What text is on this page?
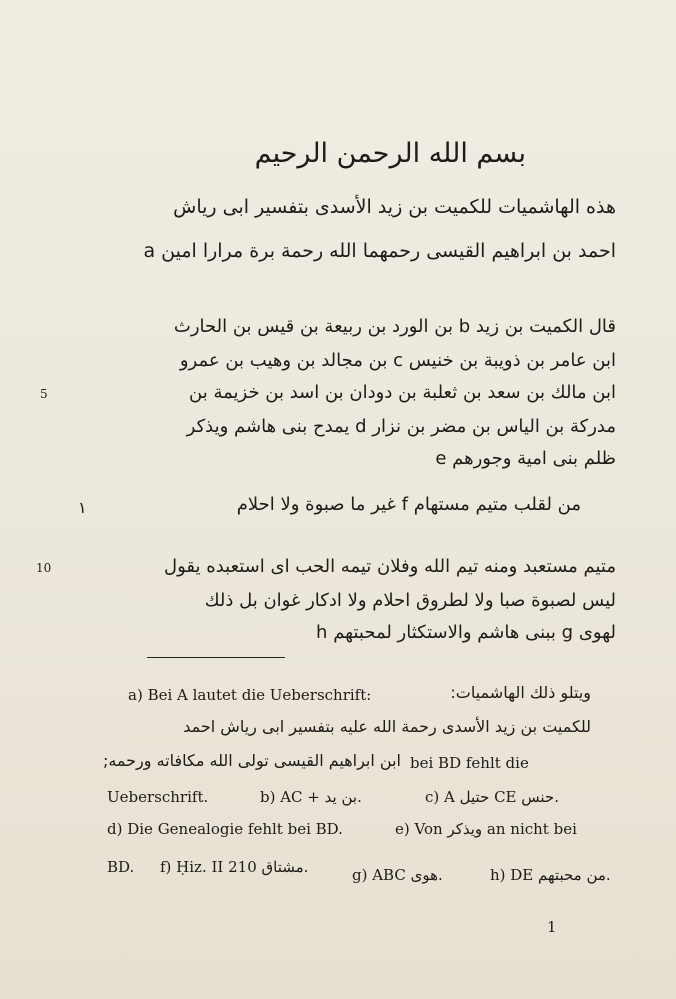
بسم الله الرحمن الرحيم
هذه الهاشميات للكميت بن زيد الأسدى بتفسير ابى رياش
احمد بن ابراهيم القيسى رحمهما الله رحمة برة مرارا امين a
قال الكميت بن زيد b بن الورد بن ربيعة بن قيس بن الحارث
ابن عامر بن ذويبة بن خنيس c بن مجالد بن وهيب بن عمرو
ابن مالك بن سعد بن ثعلبة بن دودان بن اسد بن خزيمة بن
5
مدركة بن الياس بن مضر بن نزار d يمدح بنى هاشم ويذكر
ظلم بنى امية وجورهم e
١	من لقلب متيم مستهام f غير ما صبوة ولا احلام
متيم مستعبد ومنه تيم الله وفلان تيمه الحب اى استعبده يقول
10
ليس لصبوة صبا ولا لطروق احلام ولا ادكار غوان بل ذلك
لهوى g ببنى هاشم والاستكثار لمحبتهم h
a) Bei A lautet die Ueberschrift:	ويتلو ذلك الهاشميات:
للكميت بن زيد الأسدى رحمة الله عليه بتفسير ابى رياش احمد
ابن ابراهيم القيسى تولى الله مكافاته ورحمه; bei BD fehlt die
Ueberschrift.	b) AC + بن يد.	c) A حتيل CE حنس.
d) Die Genealogie fehlt bei BD.	e) Von ويذكر an nicht bei
BD. f) Ḥiz. II 210 مشتاق.	g) ABC هوى.	h) DE من محبتهم.
1
